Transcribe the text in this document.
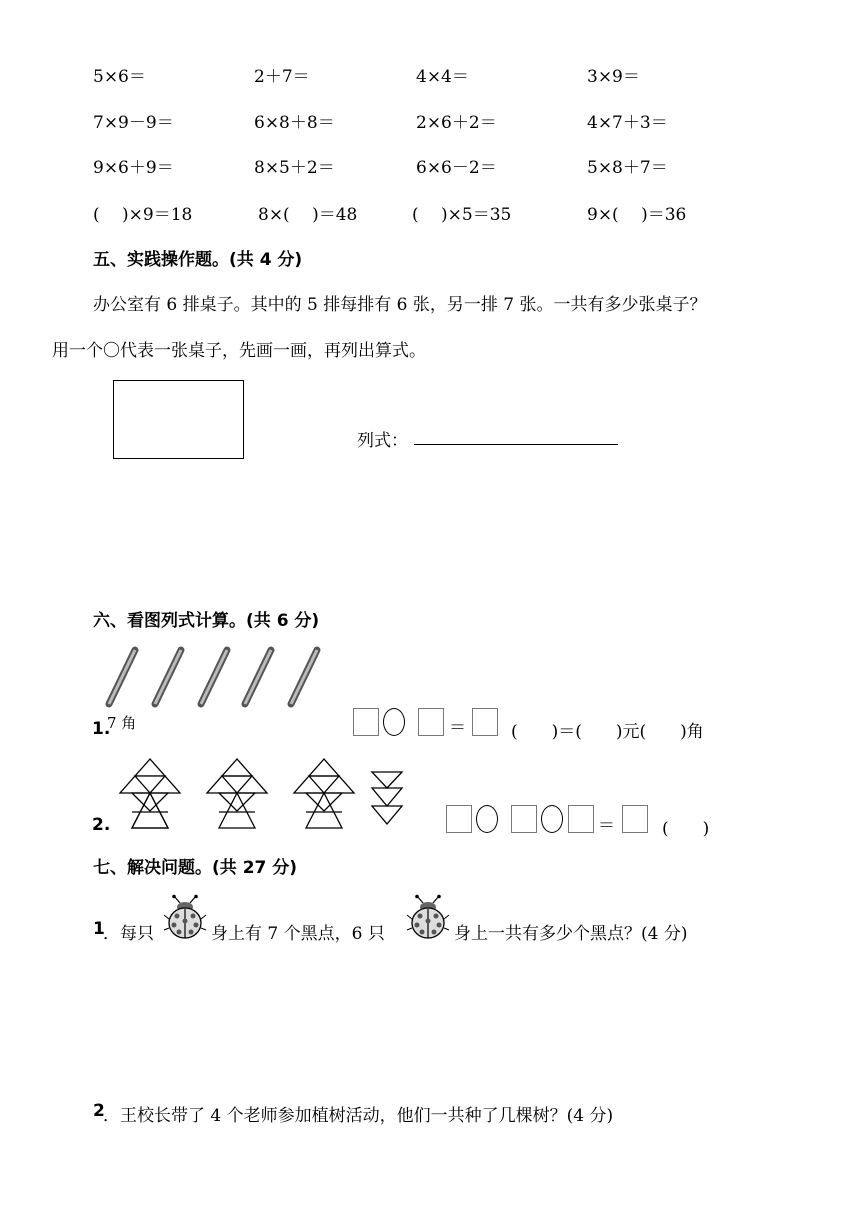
5×6＝	2＋7＝	4×4＝	3×9＝
7×9－9＝	6×8＋8＝	2×6＋2＝	4×7＋3＝
9×6＋9＝	8×5＋2＝	6×6－2＝	5×8＋7＝
(　 )×9＝18	8×(　 )＝48	(　 )×5＝35	9×(　 )＝36
五、实践操作题。(共 4 分)
办公室有 6 排桌子。其中的 5 排每排有 6 张，另一排 7 张。一共有多少张桌子？
用一个〇代表一张桌子，先画一画，再列出算式。
列式：
六、看图列式计算。(共 6 分)
1.
7 角	＝	(　　)＝(　　)元(　　)角
2.	＝	(　　)
七、解决问题。(共 27 分)
1
．每只	身上有 7 个黑点，6 只	身上一共有多少个黑点？(4 分)
2
．王校长带了 4 个老师参加植树活动，他们一共种了几棵树？(4 分)
